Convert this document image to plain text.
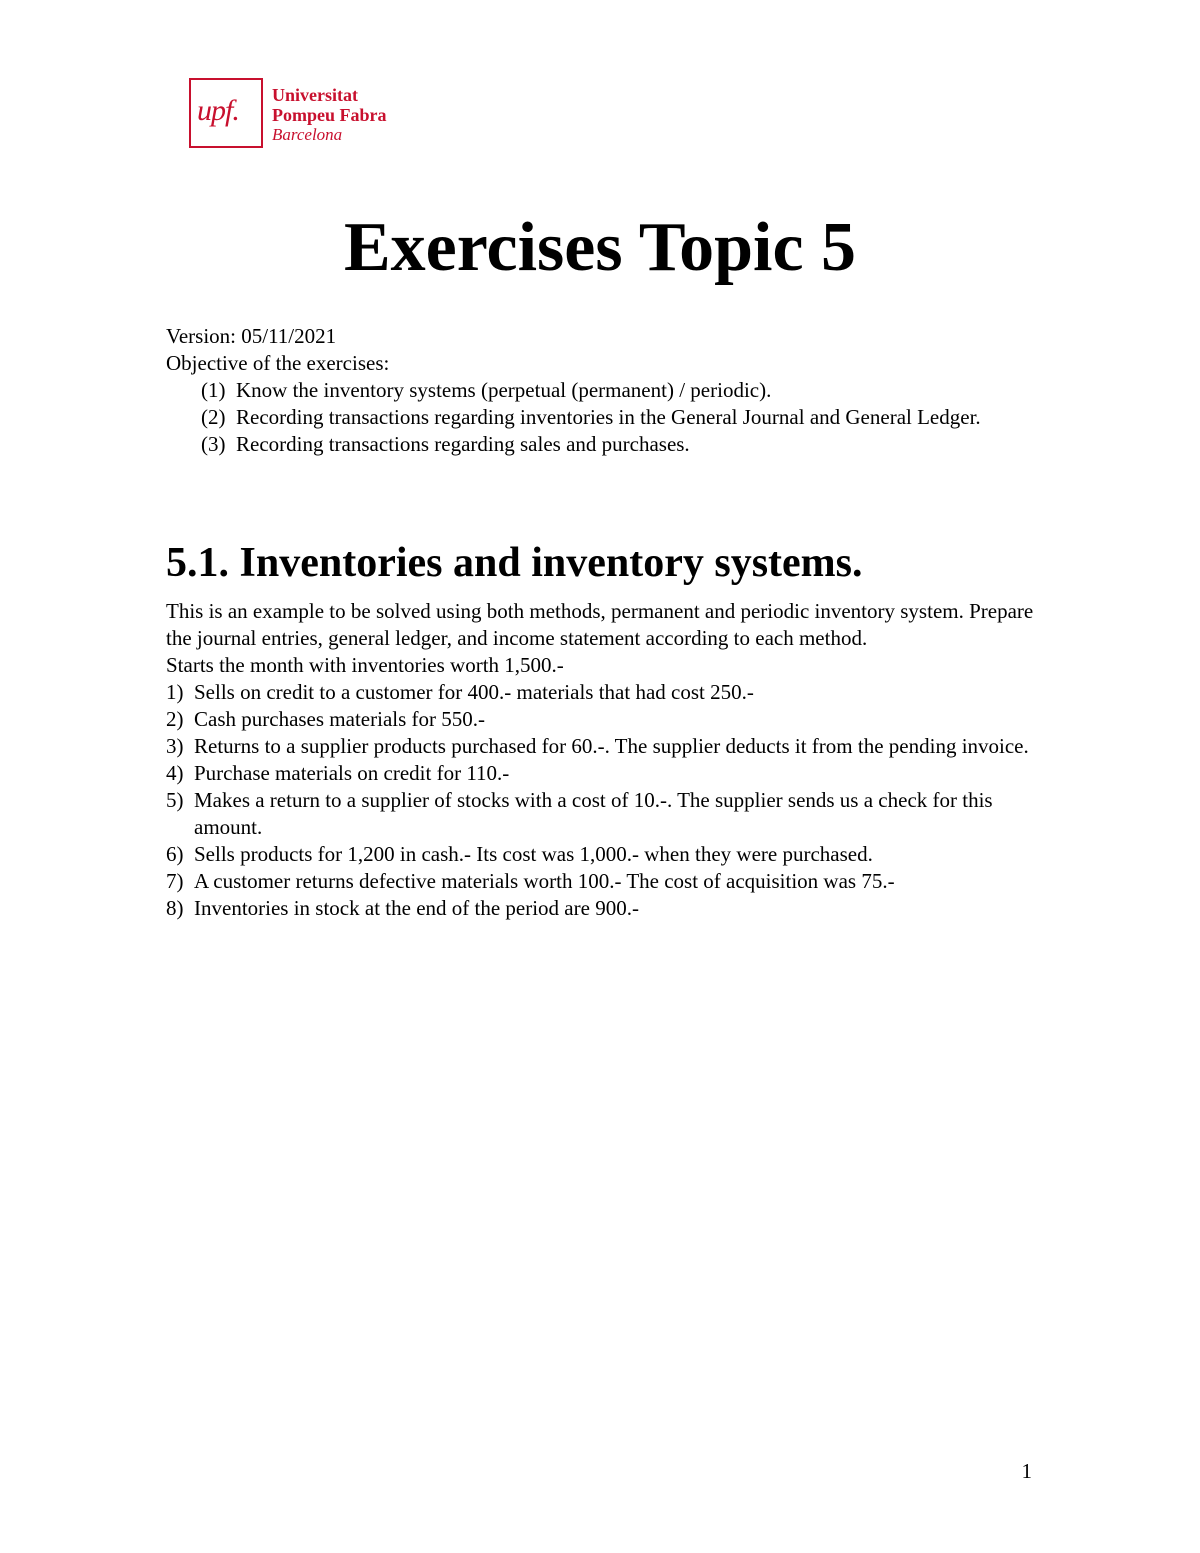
upf. Universitat
Pompeu Fabra
Barcelona
Exercises Topic 5

Version: 05/11/2021

Objective of the exercises:

(1) Know the inventory systems (perpetual (permanent) / periodic).
(2) Recording transactions regarding inventories in the General Journal and General Ledger.
(3) Recording transactions regarding sales and purchases.
5.1. Inventories and inventory systems.

This is an example to be solved using both methods, permanent and periodic inventory system. Prepare the journal entries, general ledger, and income statement according to each method.

Starts the month with inventories worth 1,500.-

1) Sells on credit to a customer for 400.- materials that had cost 250.-
2) Cash purchases materials for 550.-
3) Returns to a supplier products purchased for 60.-. The supplier deducts it from the pending invoice.
4) Purchase materials on credit for 110.-
5) Makes a return to a supplier of stocks with a cost of 10.-. The supplier sends us a check for this amount.
6) Sells products for 1,200 in cash.- Its cost was 1,000.- when they were purchased.
7) A customer returns defective materials worth 100.- The cost of acquisition was 75.-
8) Inventories in stock at the end of the period are 900.-
1
